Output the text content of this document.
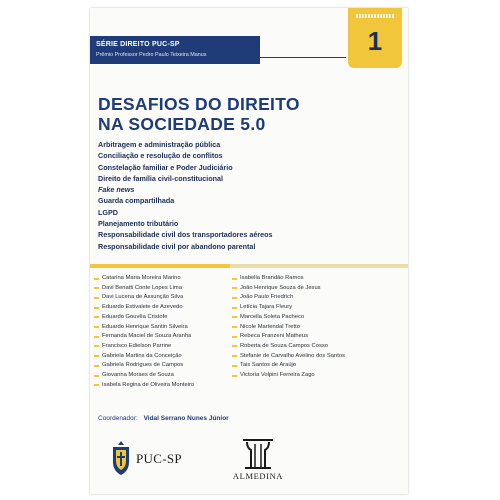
SÉRIE DIREITO PUC-SP
Prêmio Professor Pedro Paulo Teixeira Manus	1
DESAFIOS DO DIREITO
NA SOCIEDADE 5.0
Arbitragem e administração pública
Conciliação e resolução de conflitos
Constelação familiar e Poder Judiciário
Direito de família civil-constitucional
Fake news
Guarda compartilhada
LGPD
Planejamento tributário
Responsabilidade civil dos transportadores aéreos
Responsabilidade civil por abandono parental
Catarina Maria Moreira Marino
Davi Benatti Conte Lopes Lima
Davi Lucena de Assunção Silva
Eduardo Estivalete de Azevedo
Eduardo Gouvêa Cristofe
Eduardo Henrique Santin Silveira
Fernanda Maciel de Souza Aranha
Francisco Edielson Parrine
Gabriela Martins da Conceição
Gabriela Rodrigues de Campos
Giovanna Moraes de Souza
Isabela Regina de Oliveira Monteiro
Isabella Brandão Ramos
João Henrique Souza de Jesus
João Paulo Friedrich
Letícia Tajara Fleury
Marcella Soleta Pacheco
Nicole Martendal Tretto
Rebeca Franzeni Matheus
Roberta de Souza Campos Cosso
Stefanie de Carvalho Avelino dos Santos
Tais Santos de Araújo
Victoria Volpini Ferreira Zago
Coordenador: Vidal Serrano Nunes Júnior
PUC-SP
ALMEDINA
